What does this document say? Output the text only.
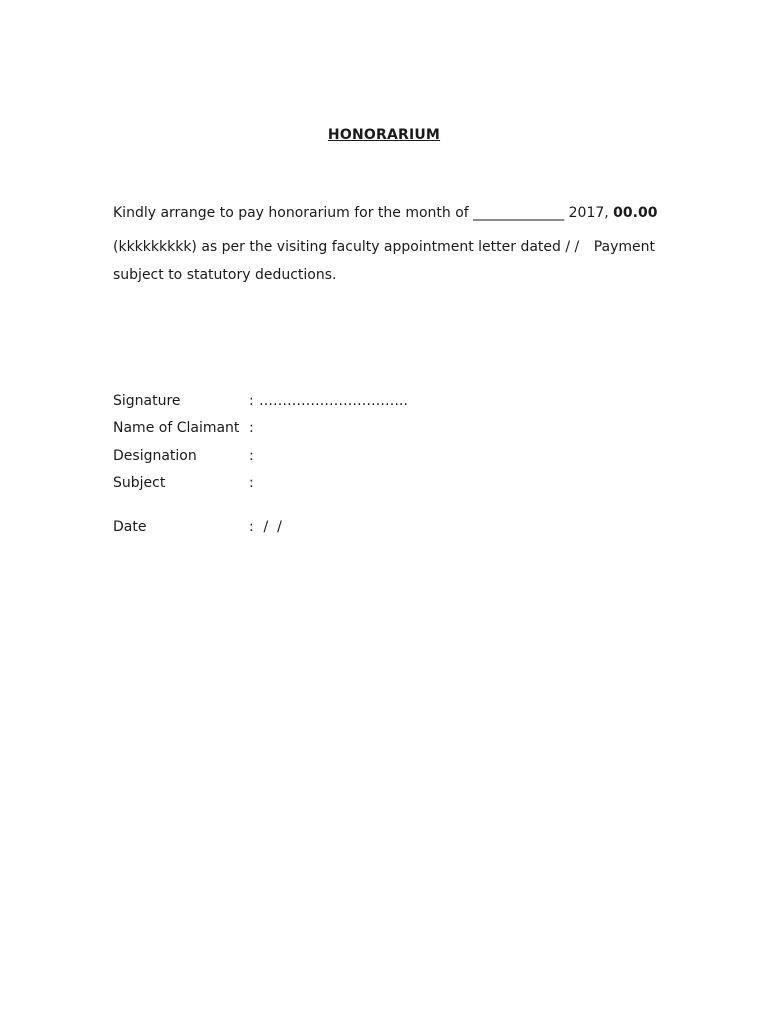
HONORARIUM
Kindly arrange to pay honorarium for the month of _____________ 2017, 00.00
(kkkkkkkkk) as per the visiting faculty appointment letter dated / / Payment
subject to statutory deductions.
Signature	: …………………………..
Name of Claimant :
Designation	:
Subject	:
Date	: /  /
